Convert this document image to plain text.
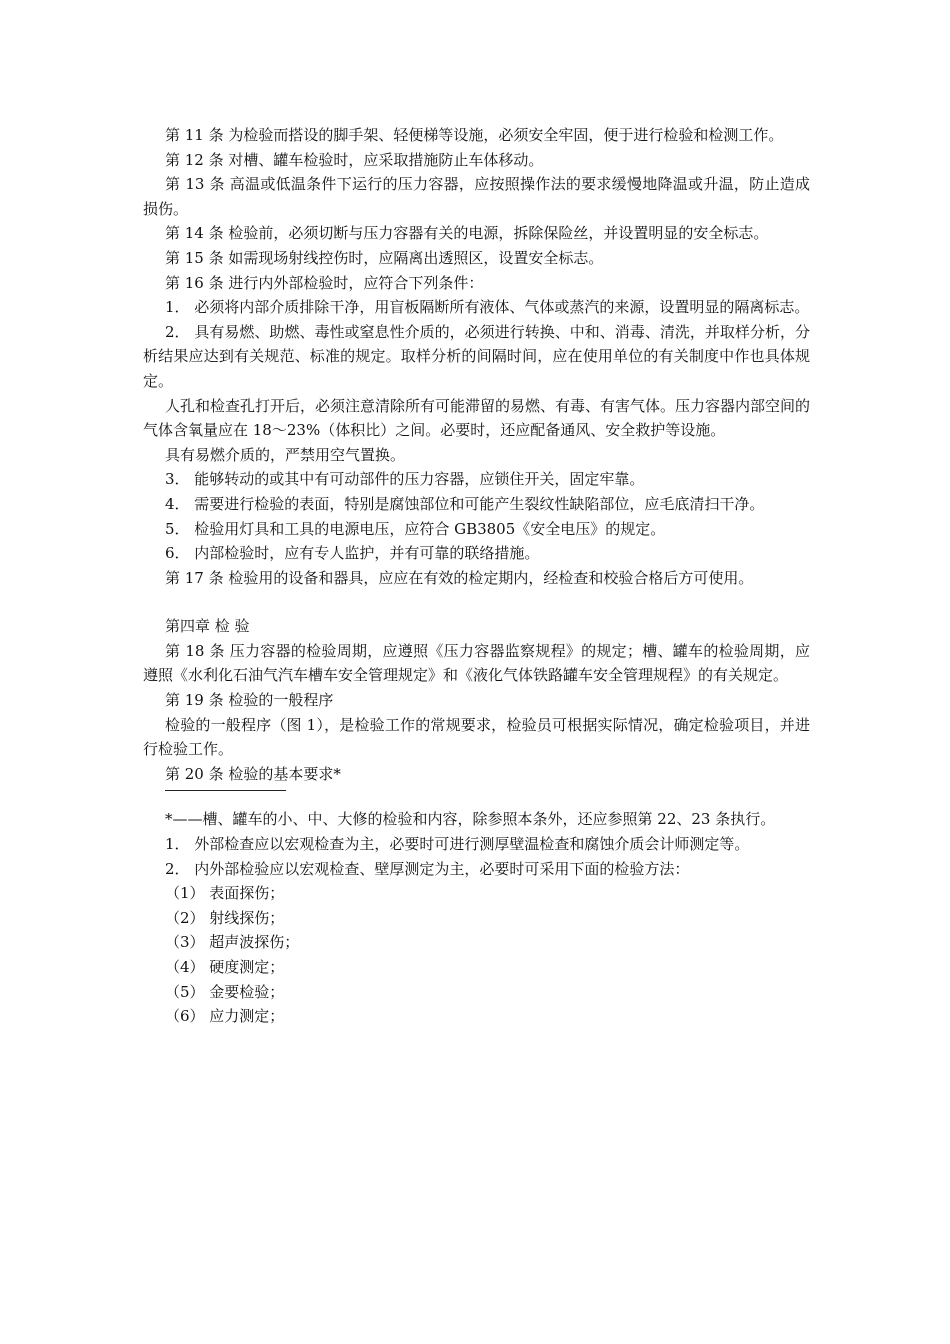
第 11 条 为检验而搭设的脚手架、轻便梯等设施，必须安全牢固，便于进行检验和检测工作。

第 12 条 对槽、罐车检验时，应采取措施防止车体移动。

第 13 条 高温或低温条件下运行的压力容器，应按照操作法的要求缓慢地降温或升温，防止造成损伤。

第 14 条 检验前，必须切断与压力容器有关的电源，拆除保险丝，并设置明显的安全标志。

第 15 条 如需现场射线控伤时，应隔离出透照区，设置安全标志。

第 16 条 进行内外部检验时，应符合下列条件：

1． 必须将内部介质排除干净，用盲板隔断所有液体、气体或蒸汽的来源，设置明显的隔离标志。

2． 具有易燃、助燃、毒性或窒息性介质的，必须进行转换、中和、消毒、清洗，并取样分析，分析结果应达到有关规范、标准的规定。取样分析的间隔时间，应在使用单位的有关制度中作也具体规定。

人孔和检查孔打开后，必须注意清除所有可能滞留的易燃、有毒、有害气体。压力容器内部空间的气体含氧量应在 18～23%（体积比）之间。必要时，还应配备通风、安全救护等设施。

具有易燃介质的，严禁用空气置换。

3． 能够转动的或其中有可动部件的压力容器，应锁住开关，固定牢靠。

4． 需要进行检验的表面，特别是腐蚀部位和可能产生裂纹性缺陷部位，应毛底清扫干净。

5． 检验用灯具和工具的电源电压，应符合 GB3805《安全电压》的规定。

6． 内部检验时，应有专人监护，并有可靠的联络措施。

第 17 条 检验用的设备和器具，应应在有效的检定期内，经检查和校验合格后方可使用。

第四章 检 验

第 18 条 压力容器的检验周期，应遵照《压力容器监察规程》的规定；槽、罐车的检验周期，应遵照《水利化石油气汽车槽车安全管理规定》和《液化气体铁路罐车安全管理规程》的有关规定。

第 19 条 检验的一般程序

检验的一般程序（图 1），是检验工作的常规要求，检验员可根据实际情况，确定检验项目，并进行检验工作。

第 20 条 检验的基本要求*

*——槽、罐车的小、中、大修的检验和内容，除参照本条外，还应参照第 22、23 条执行。

1． 外部检查应以宏观检查为主，必要时可进行测厚壁温检查和腐蚀介质会计师测定等。

2． 内外部检验应以宏观检查、壁厚测定为主，必要时可采用下面的检验方法：

（1） 表面探伤；

（2） 射线探伤；

（3） 超声波探伤；

（4） 硬度测定；

（5） 金要检验；

（6） 应力测定；
